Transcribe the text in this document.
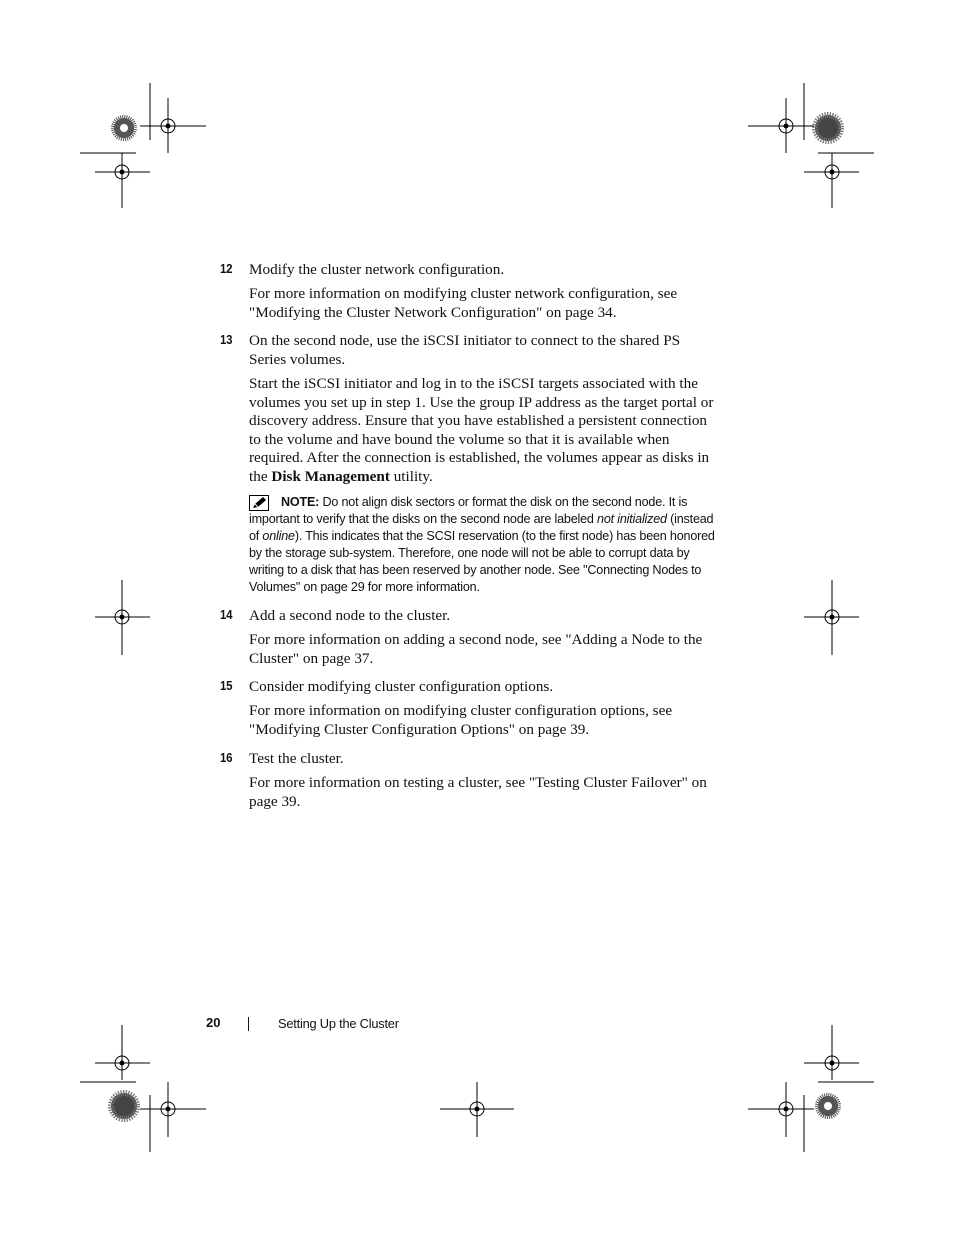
12 Modify the cluster network configuration.
For more information on modifying cluster network configuration, see "Modifying the Cluster Network Configuration" on page 34.
13 On the second node, use the iSCSI initiator to connect to the shared PS Series volumes.
Start the iSCSI initiator and log in to the iSCSI targets associated with the volumes you set up in step 1. Use the group IP address as the target portal or discovery address. Ensure that you have established a persistent connection to the volume and have bound the volume so that it is available when required. After the connection is established, the volumes appear as disks in the Disk Management utility.
NOTE: Do not align disk sectors or format the disk on the second node. It is important to verify that the disks on the second node are labeled not initialized (instead of online). This indicates that the SCSI reservation (to the first node) has been honored by the storage sub-system. Therefore, one node will not be able to corrupt data by writing to a disk that has been reserved by another node. See "Connecting Nodes to Volumes" on page 29 for more information.
14 Add a second node to the cluster.
For more information on adding a second node, see "Adding a Node to the Cluster" on page 37.
15 Consider modifying cluster configuration options.
For more information on modifying cluster configuration options, see "Modifying Cluster Configuration Options" on page 39.
16 Test the cluster.
For more information on testing a cluster, see "Testing Cluster Failover" on page 39.
20	Setting Up the Cluster
